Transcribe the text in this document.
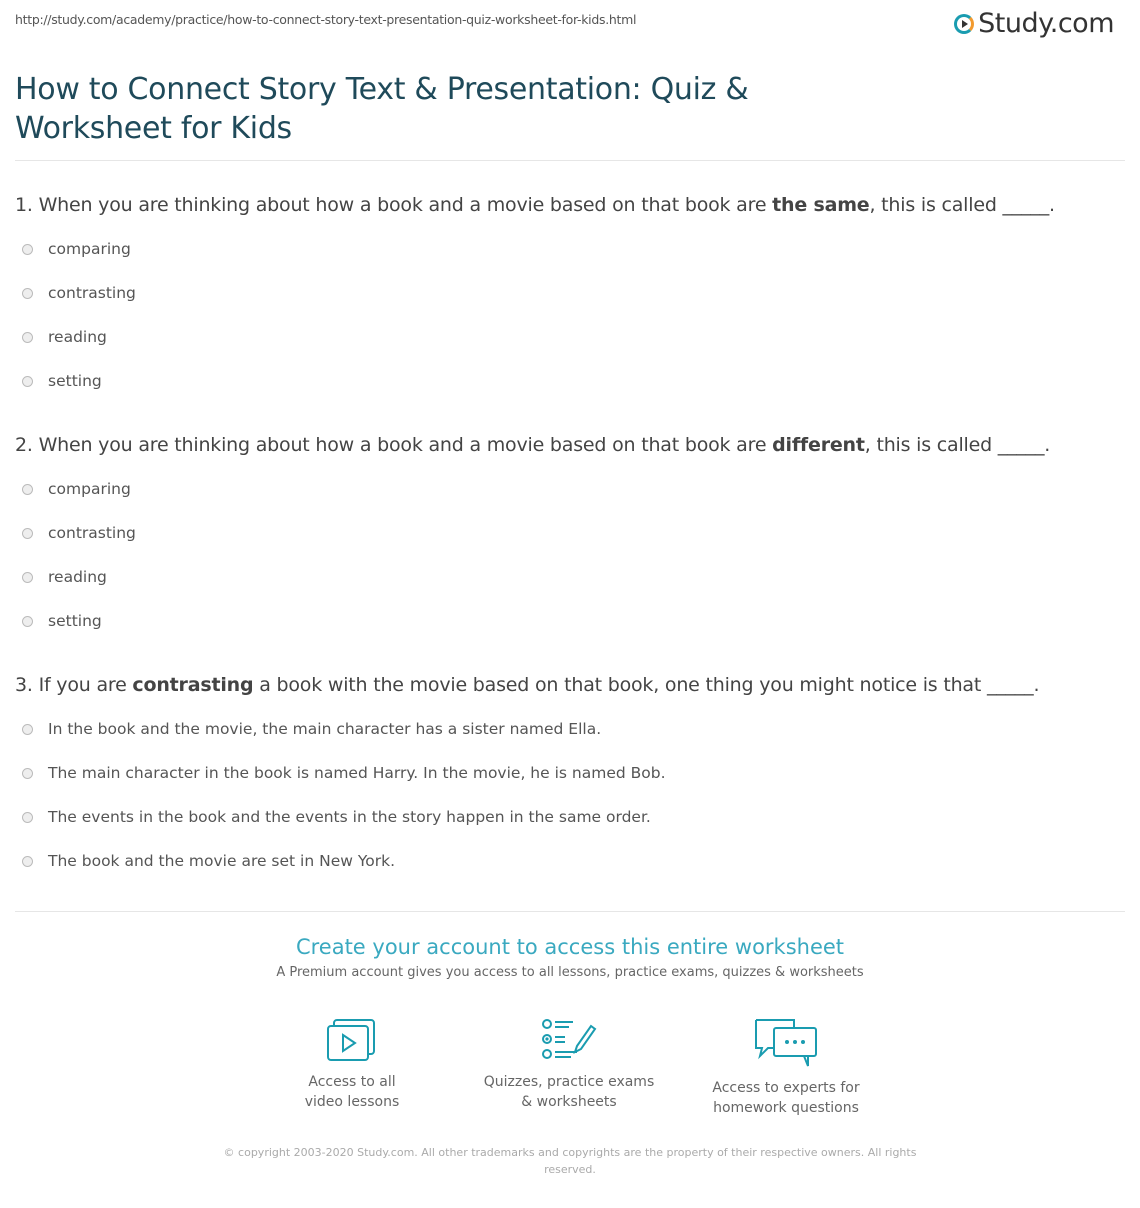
http://study.com/academy/practice/how-to-connect-story-text-presentation-quiz-worksheet-for-kids.html	Study.com
How to Connect Story Text & Presentation: Quiz & Worksheet for Kids
1. When you are thinking about how a book and a movie based on that book are the same, this is called _____.
comparing
contrasting
reading
setting
2. When you are thinking about how a book and a movie based on that book are different, this is called _____.
comparing
contrasting
reading
setting
3. If you are contrasting a book with the movie based on that book, one thing you might notice is that _____.
In the book and the movie, the main character has a sister named Ella.
The main character in the book is named Harry. In the movie, he is named Bob.
The events in the book and the events in the story happen in the same order.
The book and the movie are set in New York.
Create your account to access this entire worksheet
A Premium account gives you access to all lessons, practice exams, quizzes & worksheets
Access to all
video lessons
Quizzes, practice exams
& worksheets
Access to experts for
homework questions
© copyright 2003-2020 Study.com. All other trademarks and copyrights are the property of their respective owners. All rights reserved.
